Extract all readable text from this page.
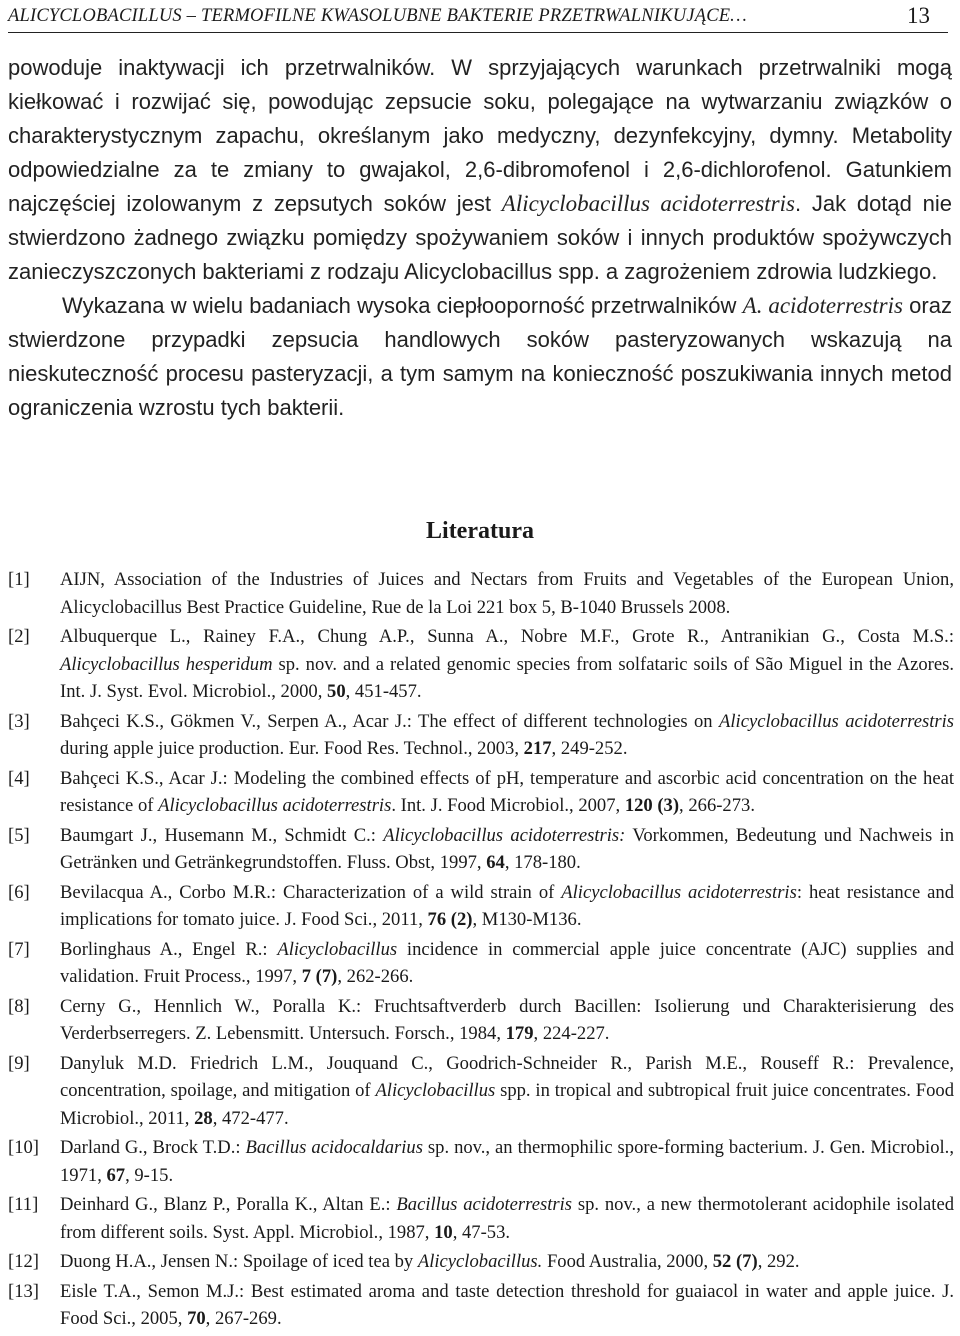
ALICYCLOBACILLUS – TERMOFILNE KWASOLUBNE BAKTERIE PRZETRWALNIKUJĄCE…	13

powoduje inaktywacji ich przetrwalników. W sprzyjających warunkach przetrwalniki mogą kiełkować i rozwijać się, powodując zepsucie soku, polegające na wytwarzaniu związków o charakterystycznym zapachu, określanym jako medyczny, dezynfekcyjny, dymny. Metabolity odpowiedzialne za te zmiany to gwajakol, 2,6-dibromofenol i 2,6-dichlorofenol. Gatunkiem najczęściej izolowanym z zepsutych soków jest Alicyclobacillus acidoterrestris. Jak dotąd nie stwierdzono żadnego związku pomiędzy spożywaniem soków i innych produktów spożywczych zanieczyszczonych bakteriami z rodzaju Alicyclobacillus spp. a zagrożeniem zdrowia ludzkiego.

Wykazana w wielu badaniach wysoka ciepłooporność przetrwalników A. acidoterrestris oraz stwierdzone przypadki zepsucia handlowych soków pasteryzowanych wskazują na nieskuteczność procesu pasteryzacji, a tym samym na konieczność poszukiwania innych metod ograniczenia wzrostu tych bakterii.

Literatura
[1]	AIJN, Association of the Industries of Juices and Nectars from Fruits and Vegetables of the European Union, Alicyclobacillus Best Practice Guideline, Rue de la Loi 221 box 5, B-1040 Brussels 2008.
[2]	Albuquerque L., Rainey F.A., Chung A.P., Sunna A., Nobre M.F., Grote R., Antranikian G., Costa M.S.: Alicyclobacillus hesperidum sp. nov. and a related genomic species from solfataric soils of São Miguel in the Azores. Int. J. Syst. Evol. Microbiol., 2000, 50, 451-457.
[3]	Bahçeci K.S., Gökmen V., Serpen A., Acar J.: The effect of different technologies on Alicyclobacillus acidoterrestris during apple juice production. Eur. Food Res. Technol., 2003, 217, 249-252.
[4]	Bahçeci K.S., Acar J.: Modeling the combined effects of pH, temperature and ascorbic acid concentration on the heat resistance of Alicyclobacillus acidoterrestris. Int. J. Food Microbiol., 2007, 120 (3), 266-273.
[5]	Baumgart J., Husemann M., Schmidt C.: Alicyclobacillus acidoterrestris: Vorkommen, Bedeutung und Nachweis in Getränken und Getränkegrundstoffen. Fluss. Obst, 1997, 64, 178-180.
[6]	Bevilacqua A., Corbo M.R.: Characterization of a wild strain of Alicyclobacillus acidoterrestris: heat resistance and implications for tomato juice. J. Food Sci., 2011, 76 (2), M130-M136.
[7]	Borlinghaus A., Engel R.: Alicyclobacillus incidence in commercial apple juice concentrate (AJC) supplies and validation. Fruit Process., 1997, 7 (7), 262-266.
[8]	Cerny G., Hennlich W., Poralla K.: Fruchtsaftverderb durch Bacillen: Isolierung und Charakterisierung des Verderbserregers. Z. Lebensmitt. Untersuch. Forsch., 1984, 179, 224-227.
[9]	Danyluk M.D. Friedrich L.M., Jouquand C., Goodrich-Schneider R., Parish M.E., Rouseff R.: Prevalence, concentration, spoilage, and mitigation of Alicyclobacillus spp. in tropical and subtropical fruit juice concentrates. Food Microbiol., 2011, 28, 472-477.
[10]	Darland G., Brock T.D.: Bacillus acidocaldarius sp. nov., an thermophilic spore-forming bacterium. J. Gen. Microbiol., 1971, 67, 9-15.
[11]	Deinhard G., Blanz P., Poralla K., Altan E.: Bacillus acidoterrestris sp. nov., a new thermotolerant acidophile isolated from different soils. Syst. Appl. Microbiol., 1987, 10, 47-53.
[12]	Duong H.A., Jensen N.: Spoilage of iced tea by Alicyclobacillus. Food Australia, 2000, 52 (7), 292.
[13]	Eisle T.A., Semon M.J.: Best estimated aroma and taste detection threshold for guaiacol in water and apple juice. J. Food Sci., 2005, 70, 267-269.
